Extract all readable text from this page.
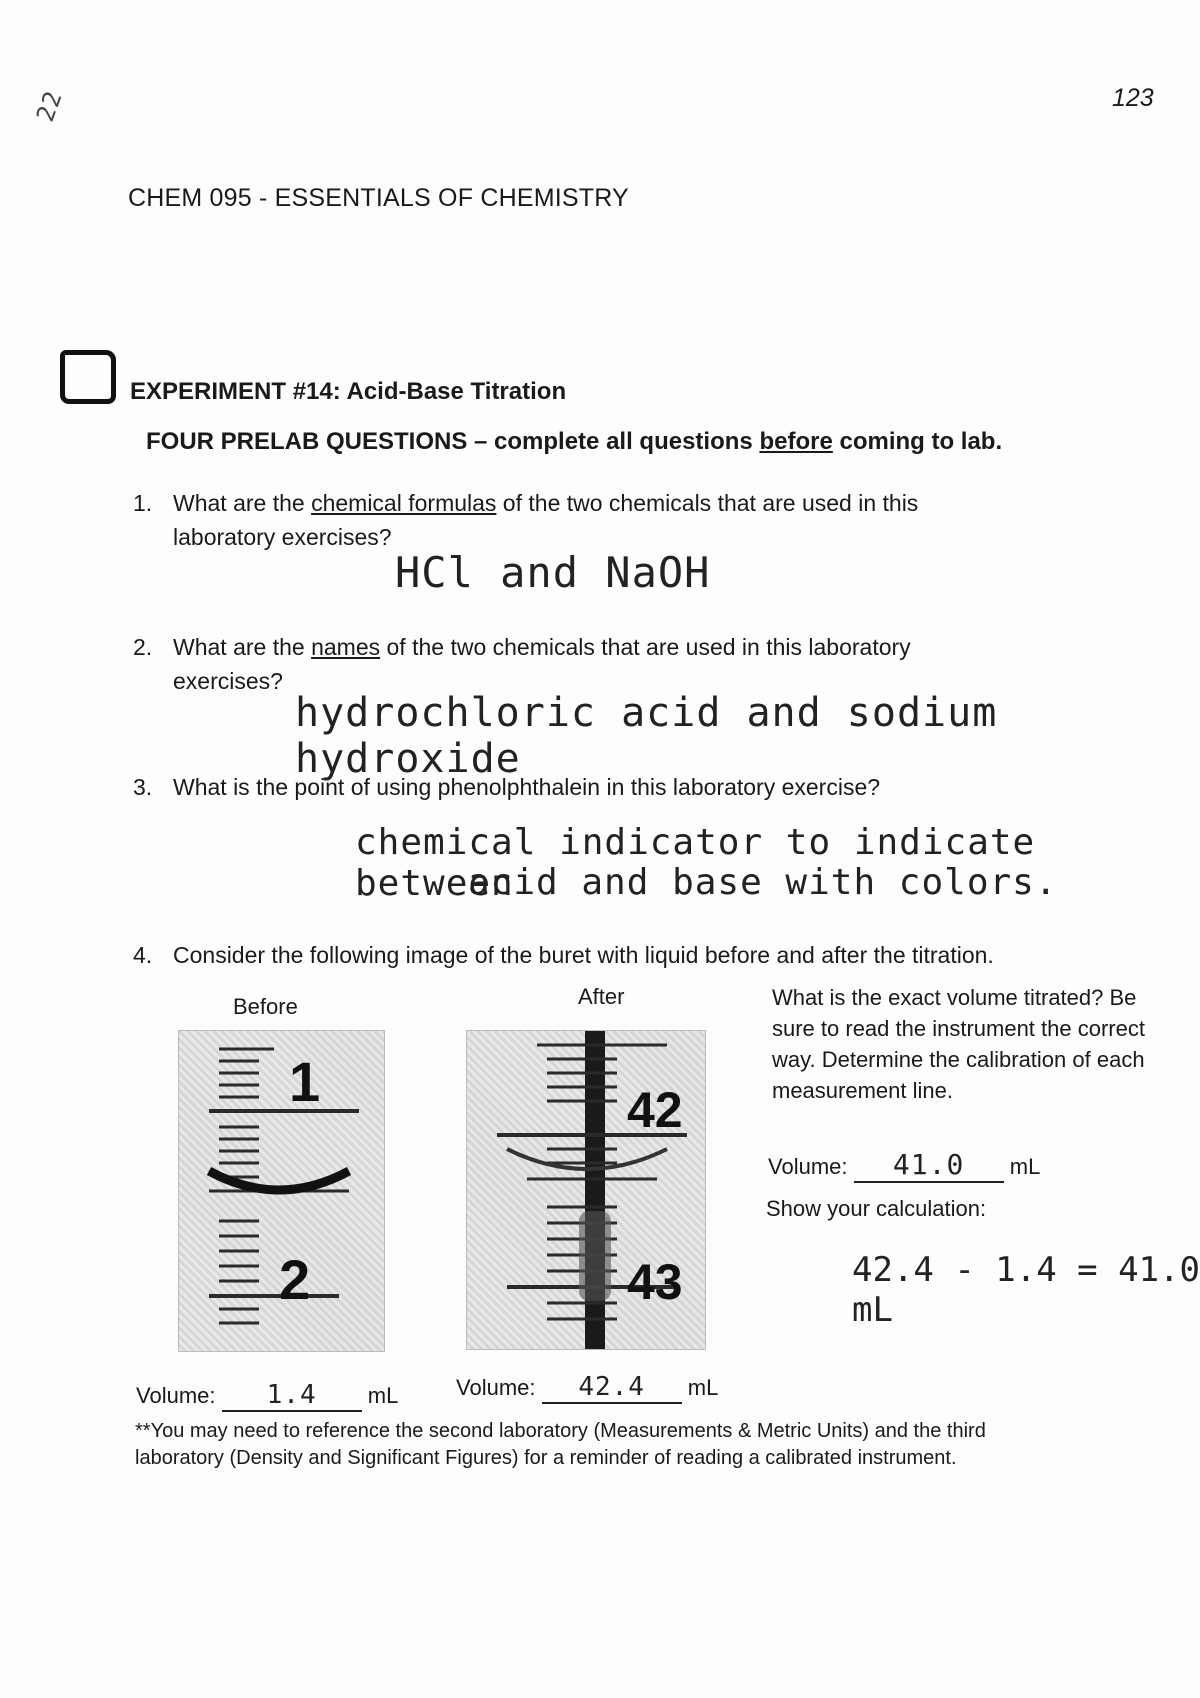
123
22
CHEM 095 - ESSENTIALS OF CHEMISTRY
EXPERIMENT #14: Acid-Base Titration
FOUR PRELAB QUESTIONS – complete all questions before coming to lab.
1. What are the chemical formulas of the two chemicals that are used in this
laboratory exercises?
HCl and NaOH
2. What are the names of the two chemicals that are used in this laboratory
exercises?
hydrochloric acid and sodium hydroxide
3. What is the point of using phenolphthalein in this laboratory exercise?
chemical indicator to indicate between
acid and base with colors.
4. Consider the following image of the buret with liquid before and after the titration.
Before	After
1
2
42
43
What is the exact volume titrated? Be sure to read the instrument the correct way. Determine the calibration of each measurement line.
Volume: 41.0 mL
Show your calculation:
42.4 - 1.4 = 41.0 mL
Volume: 1.4 mL	Volume: 42.4 mL
**You may need to reference the second laboratory (Measurements & Metric Units) and the third laboratory (Density and Significant Figures) for a reminder of reading a calibrated instrument.
